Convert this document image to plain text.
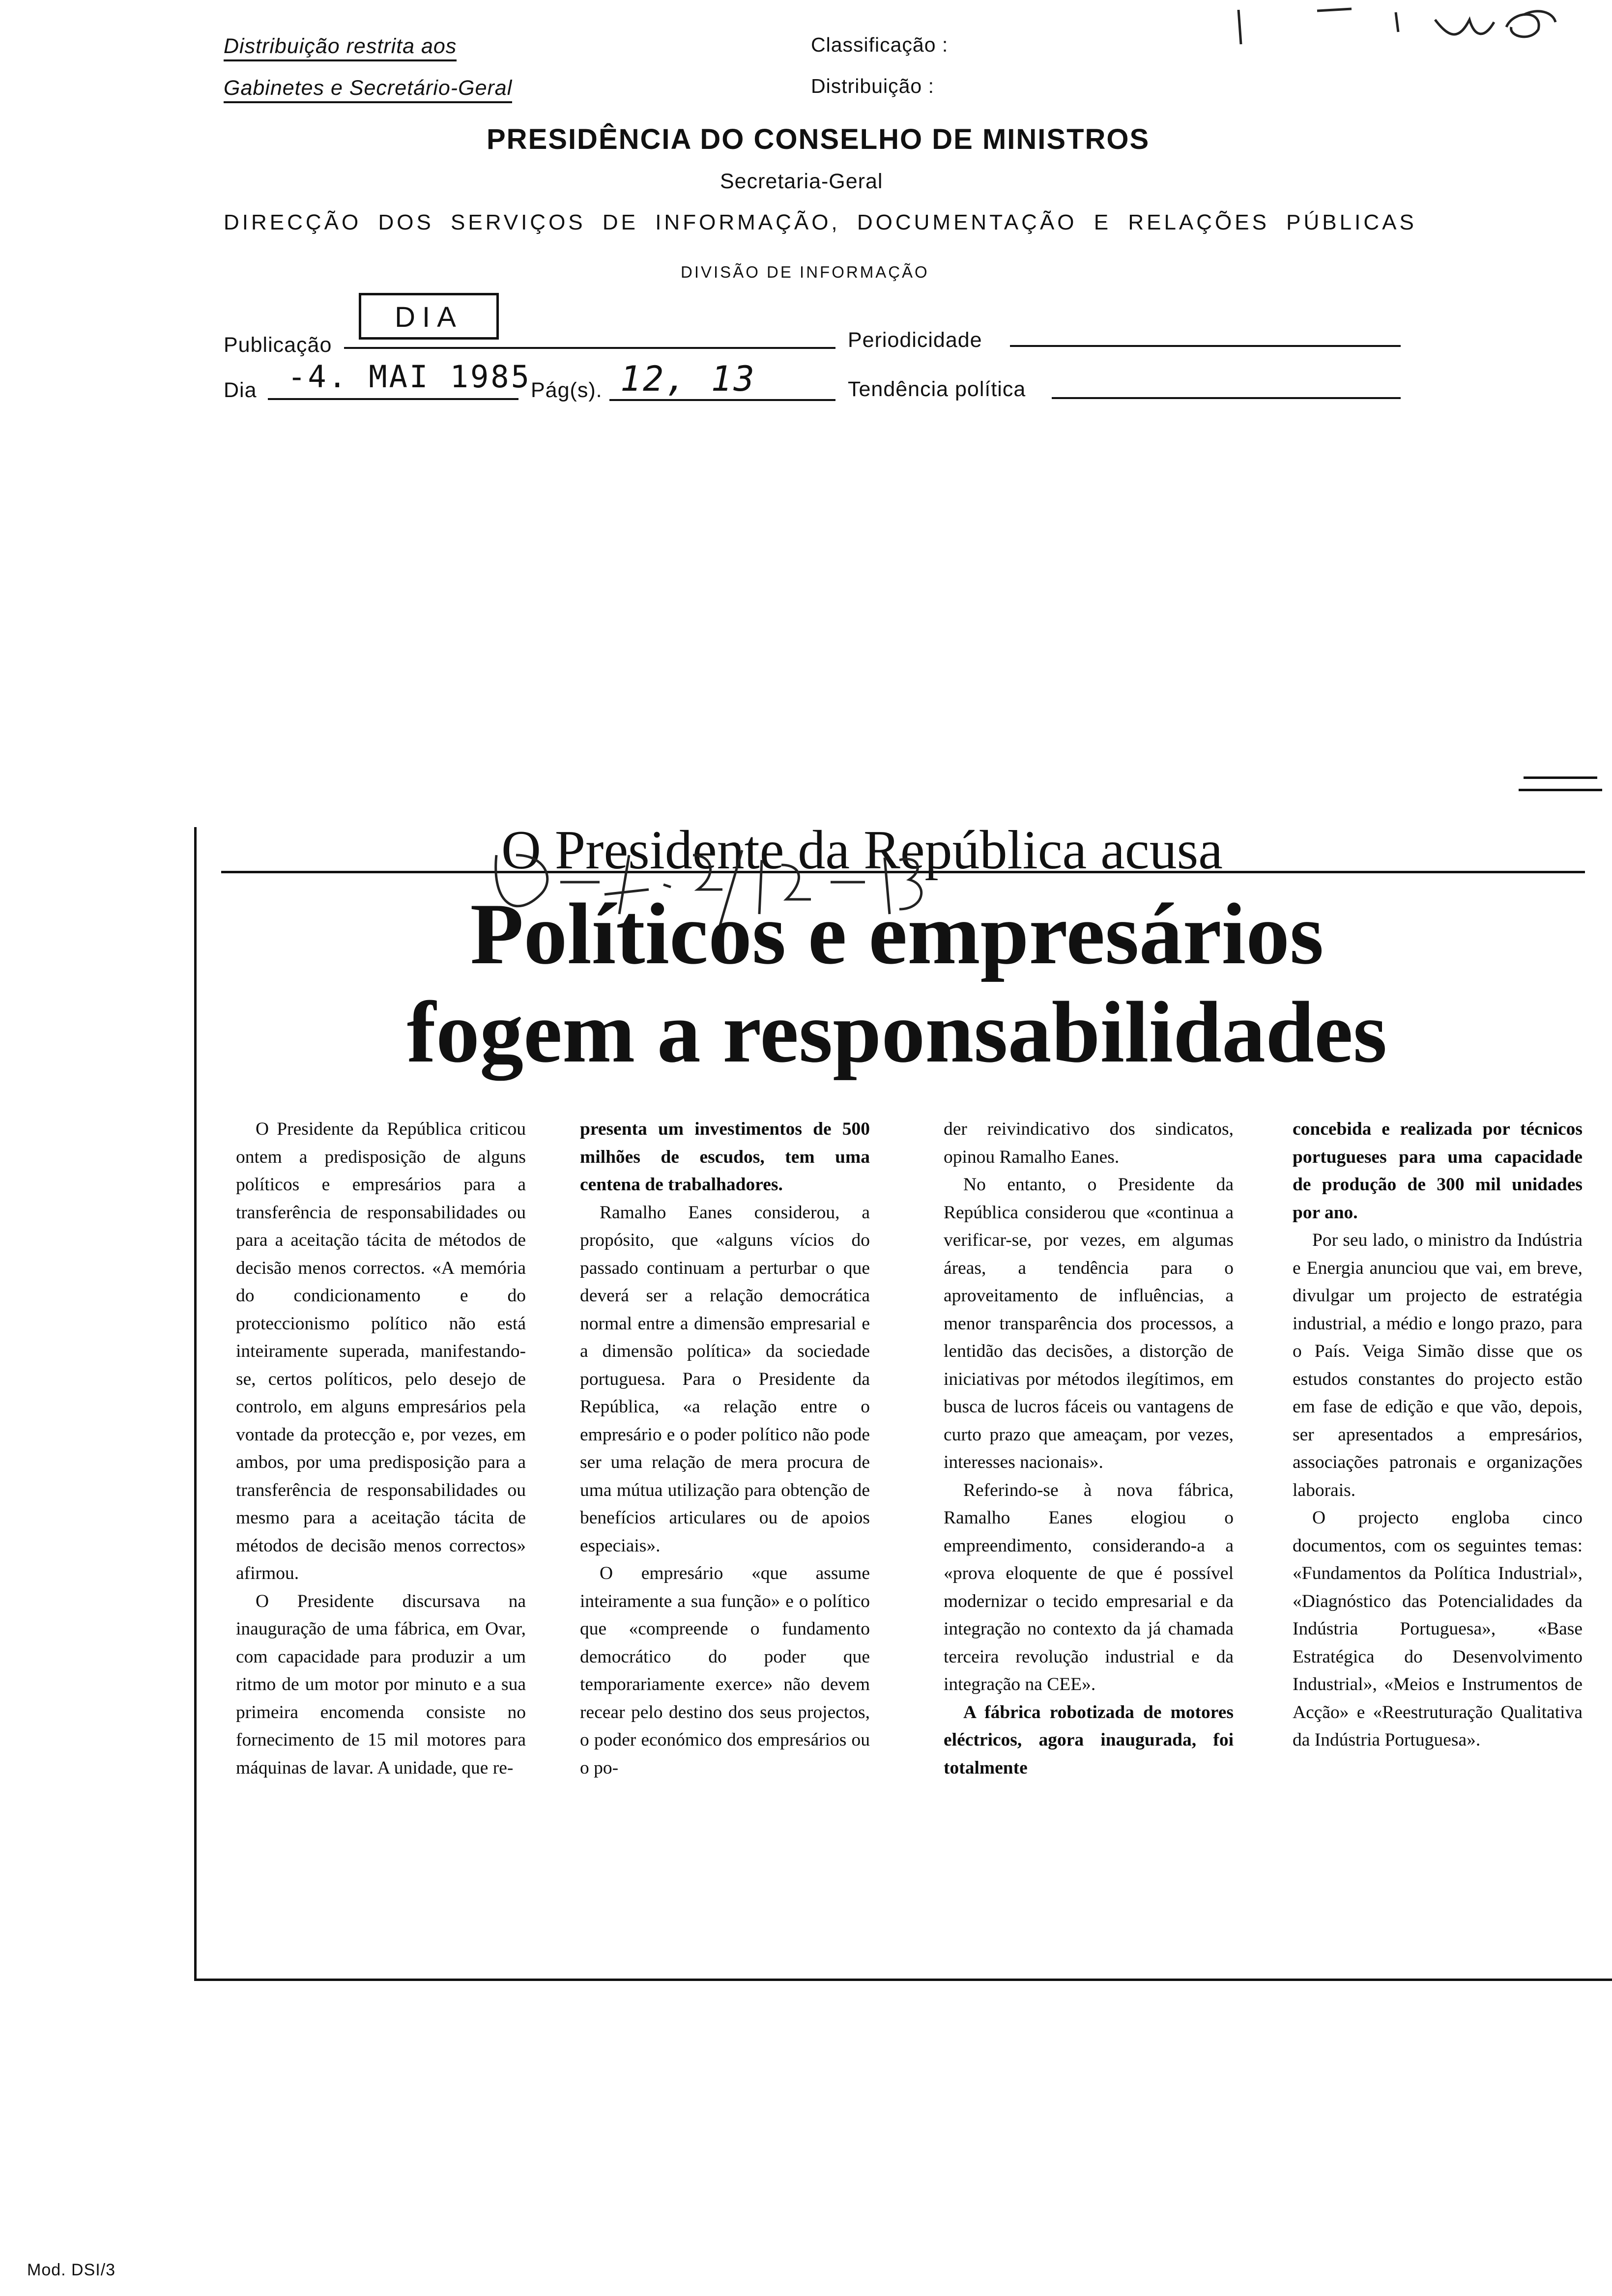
Distribuição restrita aos
Gabinetes e Secretário-Geral
Classificação :
Distribuição :
PRESIDÊNCIA DO CONSELHO DE MINISTROS
Secretaria-Geral
DIRECÇÃO DOS SERVIÇOS DE INFORMAÇÃO, DOCUMENTAÇÃO E RELAÇÕES PÚBLICAS
DIVISÃO DE INFORMAÇÃO
Publicação
DIA
Periodicidade
Dia -4. MAI 1985 Pág(s). 12, 13	Tendência política
O Presidente da República acusa
Políticos e empresários
fogem a responsabilidades

O Presidente da República criticou ontem a predisposição de alguns políticos e empresários para a transferência de responsabilidades ou para a aceitação tácita de métodos de decisão menos correctos. «A memória do condicionamento e do proteccionismo político não está inteiramente superada, manifestando-se, certos políticos, pelo desejo de controlo, em alguns empresários pela vontade da protecção e, por vezes, em ambos, por uma predisposição para a transferência de responsabilidades ou mesmo para a aceitação tácita de métodos de decisão menos correctos» afirmou.

O Presidente discursava na inauguração de uma fábrica, em Ovar, com capacidade para produzir a um ritmo de um motor por minuto e a sua primeira encomenda consiste no fornecimento de 15 mil motores para máquinas de lavar. A unidade, que re-

presenta um investimentos de 500 milhões de escudos, tem uma centena de trabalhadores.

Ramalho Eanes considerou, a propósito, que «alguns vícios do passado continuam a perturbar o que deverá ser a relação democrática normal entre a dimensão empresarial e a dimensão política» da sociedade portuguesa. Para o Presidente da República, «a relação entre o empresário e o poder político não pode ser uma relação de mera procura de uma mútua utilização para obtenção de benefícios articulares ou de apoios especiais».

O empresário «que assume inteiramente a sua função» e o político que «compreende o fundamento democrático do poder que temporariamente exerce» não devem recear pelo destino dos seus projectos, o poder económico dos empresários ou o po-

der reivindicativo dos sindicatos, opinou Ramalho Eanes.

No entanto, o Presidente da República considerou que «continua a verificar-se, por vezes, em algumas áreas, a tendência para o aproveitamento de influências, a menor transparência dos processos, a lentidão das decisões, a distorção de iniciativas por métodos ilegítimos, em busca de lucros fáceis ou vantagens de curto prazo que ameaçam, por vezes, interesses nacionais».

Referindo-se à nova fábrica, Ramalho Eanes elogiou o empreendimento, considerando-a a «prova eloquente de que é possível modernizar o tecido empresarial e da integração no contexto da já chamada terceira revolução industrial e da integração na CEE».

A fábrica robotizada de motores eléctricos, agora inaugurada, foi totalmente

concebida e realizada por técnicos portugueses para uma capacidade de produção de 300 mil unidades por ano.

Por seu lado, o ministro da Indústria e Energia anunciou que vai, em breve, divulgar um projecto de estratégia industrial, a médio e longo prazo, para o País. Veiga Simão disse que os estudos constantes do projecto estão em fase de edição e que vão, depois, ser apresentados a empresários, associações patronais e organizações laborais.

O projecto engloba cinco documentos, com os seguintes temas: «Fundamentos da Política Industrial», «Diagnóstico das Potencialidades da Indústria Portuguesa», «Base Estratégica do Desenvolvimento Industrial», «Meios e Instrumentos de Acção» e «Reestruturação Qualitativa da Indústria Portuguesa».

Mod. DSI/3
